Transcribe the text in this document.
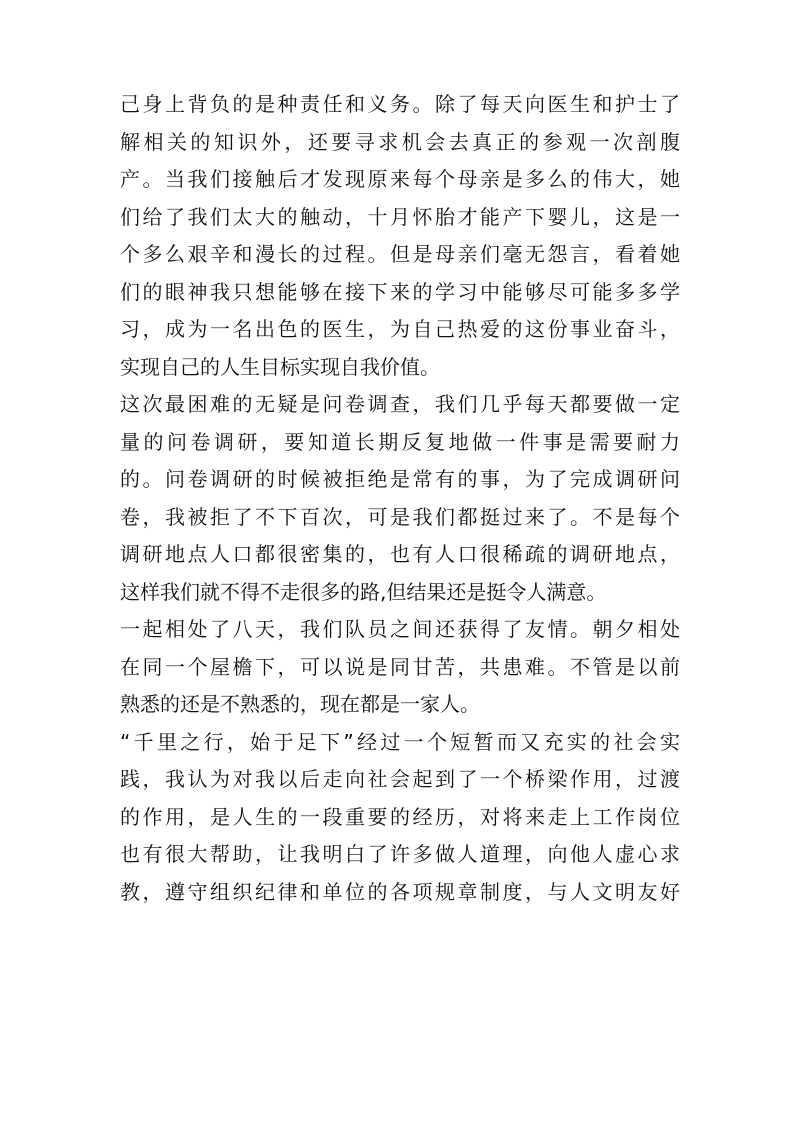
己身上背负的是种责任和义务。除了每天向医生和护士了
解相关的知识外，还要寻求机会去真正的参观一次剖腹
产。当我们接触后才发现原来每个母亲是多么的伟大，她
们给了我们太大的触动，十月怀胎才能产下婴儿，这是一
个多么艰辛和漫长的过程。但是母亲们毫无怨言，看着她
们的眼神我只想能够在接下来的学习中能够尽可能多多学
习，成为一名出色的医生，为自己热爱的这份事业奋斗，
实现自己的人生目标实现自我价值。
这次最困难的无疑是问卷调查，我们几乎每天都要做一定
量的问卷调研，要知道长期反复地做一件事是需要耐力
的。问卷调研的时候被拒绝是常有的事，为了完成调研问
卷，我被拒了不下百次，可是我们都挺过来了。不是每个
调研地点人口都很密集的，也有人口很稀疏的调研地点，
这样我们就不得不走很多的路,但结果还是挺令人满意。
一起相处了八天，我们队员之间还获得了友情。朝夕相处
在同一个屋檐下，可以说是同甘苦，共患难。不管是以前
熟悉的还是不熟悉的，现在都是一家人。
“千里之行，始于足下”经过一个短暂而又充实的社会实
践，我认为对我以后走向社会起到了一个桥梁作用，过渡
的作用，是人生的一段重要的经历，对将来走上工作岗位
也有很大帮助，让我明白了许多做人道理，向他人虚心求
教，遵守组织纪律和单位的各项规章制度，与人文明友好
